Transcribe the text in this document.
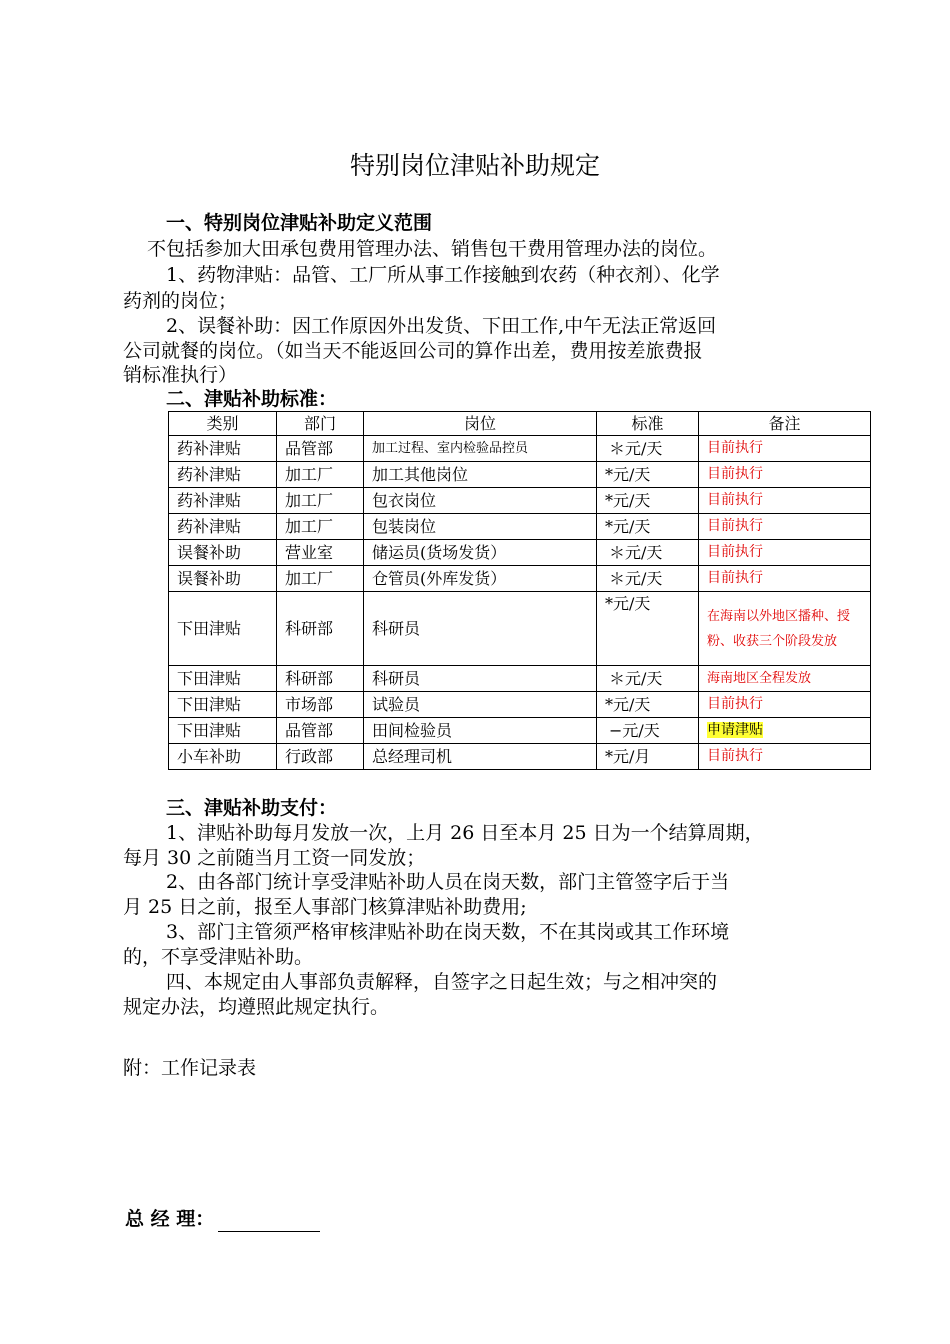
特别岗位津贴补助规定
一、特别岗位津贴补助定义范围
不包括参加大田承包费用管理办法、销售包干费用管理办法的岗位。
1、药物津贴：品管、工厂所从事工作接触到农药（种衣剂）、化学
药剂的岗位；
2、误餐补助：因工作原因外出发货、下田工作,中午无法正常返回
公司就餐的岗位。（如当天不能返回公司的算作出差，费用按差旅费报
销标准执行）
二、津贴补助标准：
类别	部门	岗位	标准	备注
药补津贴	品管部	加工过程、室内检验品控员	＊元/天	目前执行
药补津贴	加工厂	加工其他岗位	*元/天	目前执行
药补津贴	加工厂	包衣岗位	*元/天	目前执行
药补津贴	加工厂	包装岗位	*元/天	目前执行
误餐补助	营业室	储运员(货场发货）	＊元/天	目前执行
误餐补助	加工厂	仓管员(外库发货）	＊元/天	目前执行
下田津贴	科研部	科研员	*元/天	在海南以外地区播种、授粉、收获三个阶段发放
下田津贴	科研部	科研员	＊元/天	海南地区全程发放
下田津贴	市场部	试验员	*元/天	目前执行
下田津贴	品管部	田间检验员	−元/天	申请津贴
小车补助	行政部	总经理司机	*元/月	目前执行
三、津贴补助支付：
1、津贴补助每月发放一次，上月 26 日至本月 25 日为一个结算周期，
每月 30 之前随当月工资一同发放；
2、由各部门统计享受津贴补助人员在岗天数，部门主管签字后于当
月 25 日之前，报至人事部门核算津贴补助费用;
3、部门主管须严格审核津贴补助在岗天数，不在其岗或其工作环境
的，不享受津贴补助。
四、本规定由人事部负责解释，自签字之日起生效；与之相冲突的
规定办法，均遵照此规定执行。
附：工作记录表
总 经 理：
